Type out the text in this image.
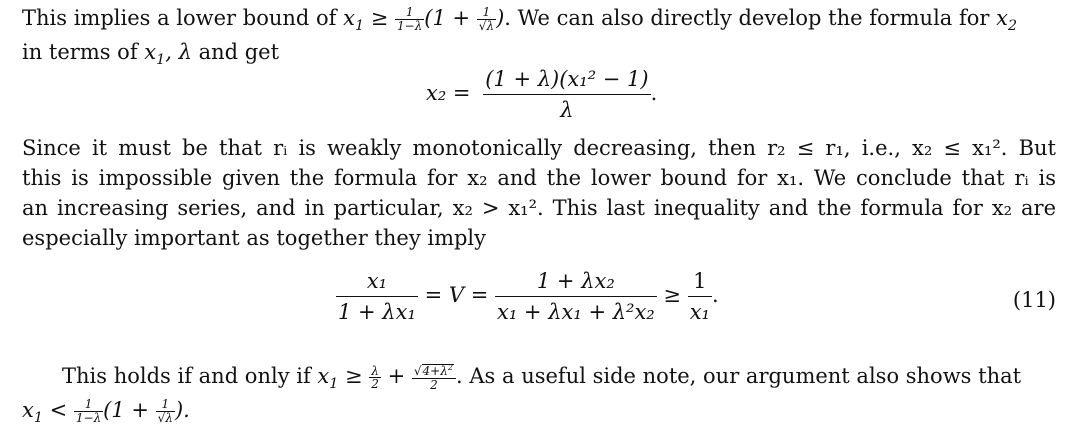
This implies a lower bound of $x_1 \ge \frac{1}{1-\lambda} (1 + \frac{1}{√\lambda}$ ). We can also directly develop the formula for $x_2$
in terms of $x_1$, λ and get
$x_2 = \frac{\text{(1 + λ)(x₁² − 1)}}{\lambda}$ .
Since it must be that rᵢ is weakly monotonically decreasing, then r₂ ≤ r₁, i.e., x₂ ≤ x₁². But
this is impossible given the formula for x₂ and the lower bound for x₁. We conclude that rᵢ is
an increasing series, and in particular, x₂ > x₁². This last inequality and the formula for x₂ are
especially important as together they imply
$\frac{\text{x₁}}{\text{1 + λx₁}} = V = \frac{\text{1 + λx₂}}{\text{x₁ + λx₁ + λ²x₂}} \ge \frac{1}{\text{x₁}}$ .	(11)
This holds if and only if $x_1 \ge \frac{\lambda}{2} + \frac{√4+\lambda^2}{2}$ . As a useful side note, our argument also shows that
$x_1 < \frac{1}{1-\lambda} (1 + \frac{1}{√\lambda}$ ).
